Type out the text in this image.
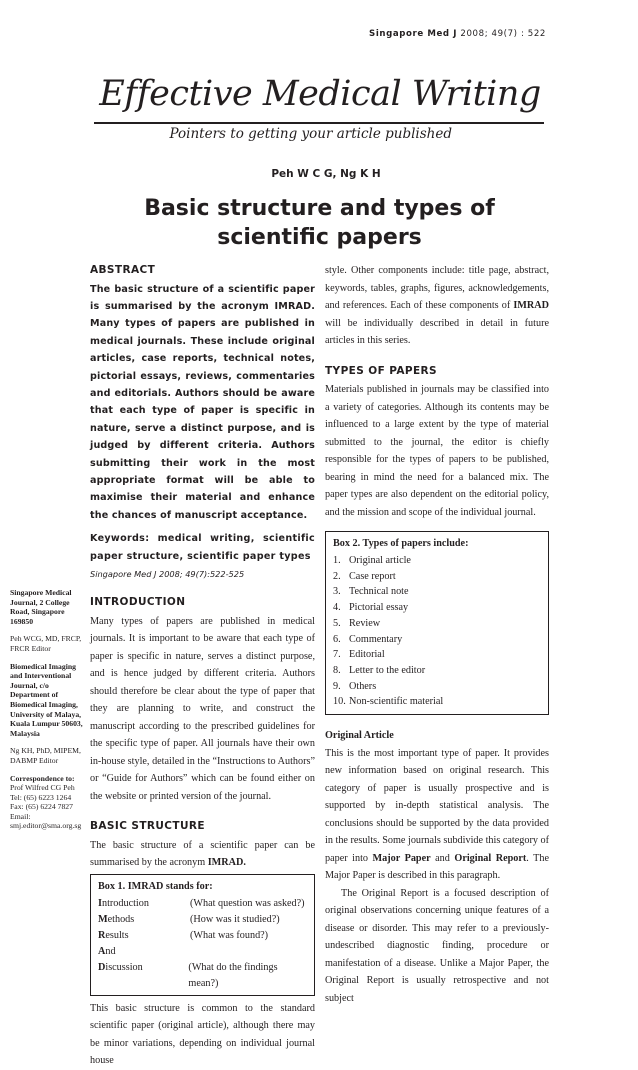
Singapore Med J 2008; 49(7) : 522
Effective Medical Writing
Pointers to getting your article published
Peh W C G, Ng K H
Basic structure and types of scientific papers
ABSTRACT
The basic structure of a scientific paper is summarised by the acronym IMRAD. Many types of papers are published in medical journals. These include original articles, case reports, technical notes, pictorial essays, reviews, commentaries and editorials. Authors should be aware that each type of paper is specific in nature, serve a distinct purpose, and is judged by different criteria. Authors submitting their work in the most appropriate format will be able to maximise their material and enhance the chances of manuscript acceptance.
Keywords: medical writing, scientific paper structure, scientific paper types
Singapore Med J 2008; 49(7):522-525
INTRODUCTION
Many types of papers are published in medical journals. It is important to be aware that each type of paper is specific in nature, serves a distinct purpose, and is hence judged by different criteria. Authors should therefore be clear about the type of paper that they are planning to write, and construct the manuscript according to the prescribed guidelines for the specific type of paper. All journals have their own in-house style, detailed in the “Instructions to Authors” or “Guide for Authors” which can be found either on the website or printed version of the journal.
BASIC STRUCTURE
The basic structure of a scientific paper can be summarised by the acronym IMRAD.
Box 1. IMRAD stands for:
Introduction	(What question was asked?)
Methods	(How was it studied?)
Results	(What was found?)
And
Discussion	(What do the findings mean?)
This basic structure is common to the standard scientific paper (original article), although there may be minor variations, depending on individual journal house
style. Other components include: title page, abstract, keywords, tables, graphs, figures, acknowledgements, and references. Each of these components of IMRAD will be individually described in detail in future articles in this series.
TYPES OF PAPERS
Materials published in journals may be classified into a variety of categories. Although its contents may be influenced to a large extent by the type of material submitted to the journal, the editor is chiefly responsible for the types of papers to be published, bearing in mind the need for a balanced mix. The paper types are also dependent on the editorial policy, and the mission and scope of the individual journal.
Box 2. Types of papers include:
1. Original article
2. Case report
3. Technical note
4. Pictorial essay
5. Review
6. Commentary
7. Editorial
8. Letter to the editor
9. Others
10. Non-scientific material
Original Article
This is the most important type of paper. It provides new information based on original research. This category of paper is usually prospective and is supported by in-depth statistical analysis. The conclusions should be supported by the data provided in the results. Some journals subdivide this category of paper into Major Paper and Original Report. The Major Paper is described in this paragraph.
The Original Report is a focused description of original observations concerning unique features of a disease or disorder. This may refer to a previously-undescribed diagnostic finding, procedure or manifestation of a disease. Unlike a Major Paper, the Original Report is usually retrospective and not subject

Singapore Medical Journal, 2 College Road, Singapore 169850

Peh WCG, MD, FRCP, FRCR Editor

Biomedical Imaging and Interventional Journal, c/o Department of Biomedical Imaging, University of Malaya, Kuala Lumpur 50603, Malaysia

Ng KH, PhD, MIPEM, DABMP Editor

Correspondence to:
Prof Wilfred CG Peh Tel: (65) 6223 1264 Fax: (65) 6224 7827 Email: smj.editor@sma.org.sg
